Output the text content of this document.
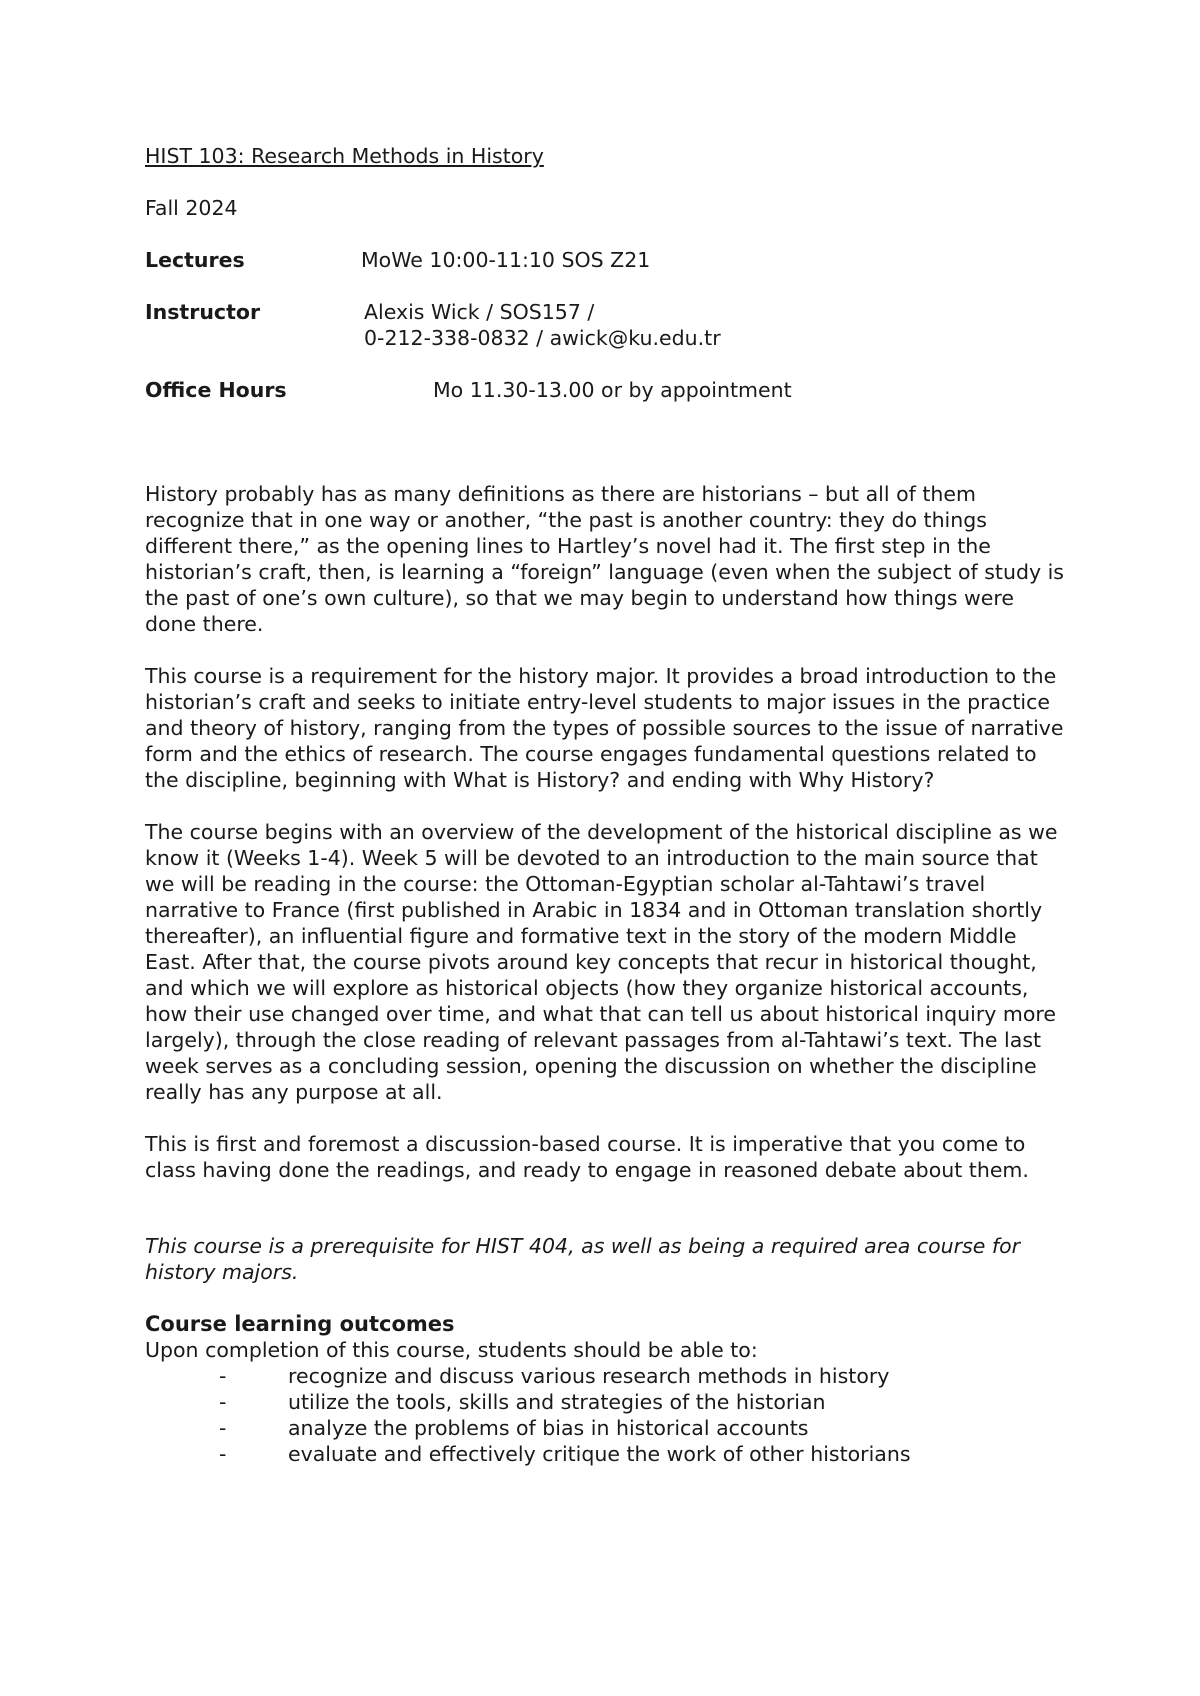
HIST 103: Research Methods in History

Fall 2024

Lectures	MoWe 10:00-11:10 SOS Z21
Instructor	Alexis Wick / SOS157 /
0-212-338-0832 / awick@ku.edu.tr
Office Hours	Mo 11.30-13.00 or by appointment

History probably has as many definitions as there are historians – but all of them recognize that in one way or another, “the past is another country: they do things different there,” as the opening lines to Hartley’s novel had it. The first step in the historian’s craft, then, is learning a “foreign” language (even when the subject of study is the past of one’s own culture), so that we may begin to understand how things were done there.

This course is a requirement for the history major. It provides a broad introduction to the historian’s craft and seeks to initiate entry-level students to major issues in the practice and theory of history, ranging from the types of possible sources to the issue of narrative form and the ethics of research. The course engages fundamental questions related to the discipline, beginning with What is History? and ending with Why History?

The course begins with an overview of the development of the historical discipline as we know it (Weeks 1-4). Week 5 will be devoted to an introduction to the main source that we will be reading in the course: the Ottoman-Egyptian scholar al-Tahtawi’s travel narrative to France (first published in Arabic in 1834 and in Ottoman translation shortly thereafter), an influential figure and formative text in the story of the modern Middle East. After that, the course pivots around key concepts that recur in historical thought, and which we will explore as historical objects (how they organize historical accounts, how their use changed over time, and what that can tell us about historical inquiry more largely), through the close reading of relevant passages from al-Tahtawi’s text. The last week serves as a concluding session, opening the discussion on whether the discipline really has any purpose at all.

This is first and foremost a discussion-based course. It is imperative that you come to class having done the readings, and ready to engage in reasoned debate about them.

This course is a prerequisite for HIST 404, as well as being a required area course for history majors.

Course learning outcomes

Upon completion of this course, students should be able to:

-	recognize and discuss various research methods in history
-	utilize the tools, skills and strategies of the historian
-	analyze the problems of bias in historical accounts
-	evaluate and effectively critique the work of other historians
